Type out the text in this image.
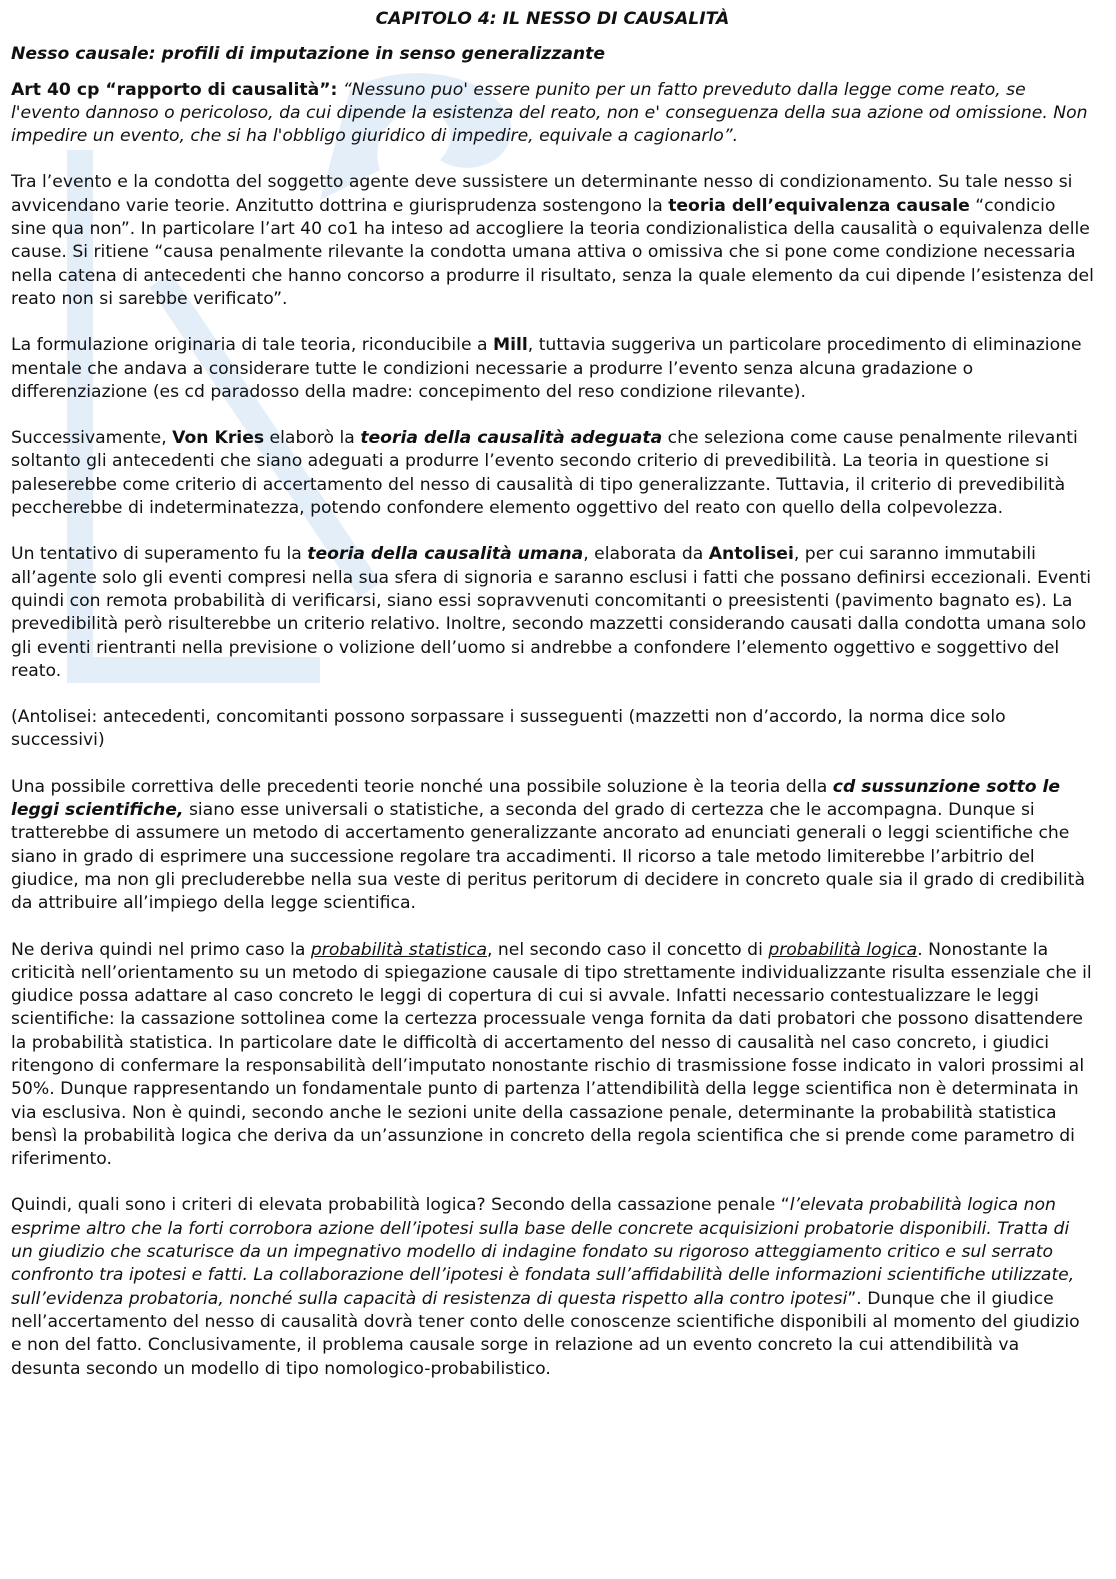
CAPITOLO 4: IL NESSO DI CAUSALITÀ
Nesso causale: profili di imputazione in senso generalizzante

Art 40 cp “rapporto di causalità”: “Nessuno puo' essere punito per un fatto preveduto dalla legge come reato, se l'evento dannoso o pericoloso, da cui dipende la esistenza del reato, non e' conseguenza della sua azione od omissione. Non impedire un evento, che si ha l'obbligo giuridico di impedire, equivale a cagionarlo”.

Tra l’evento e la condotta del soggetto agente deve sussistere un determinante nesso di condizionamento. Su tale nesso si avvicendano varie teorie. Anzitutto dottrina e giurisprudenza sostengono la teoria dell’equivalenza causale “condicio sine qua non”. In particolare l’art 40 co1 ha inteso ad accogliere la teoria condizionalistica della causalità o equivalenza delle cause. Si ritiene “causa penalmente rilevante la condotta umana attiva o omissiva che si pone come condizione necessaria nella catena di antecedenti che hanno concorso a produrre il risultato, senza la quale elemento da cui dipende l’esistenza del reato non si sarebbe verificato”.

La formulazione originaria di tale teoria, riconducibile a Mill, tuttavia suggeriva un particolare procedimento di eliminazione mentale che andava a considerare tutte le condizioni necessarie a produrre l’evento senza alcuna gradazione o differenziazione (es cd paradosso della madre: concepimento del reso condizione rilevante).

Successivamente, Von Kries elaborò la teoria della causalità adeguata che seleziona come cause penalmente rilevanti soltanto gli antecedenti che siano adeguati a produrre l’evento secondo criterio di prevedibilità. La teoria in questione si paleserebbe come criterio di accertamento del nesso di causalità di tipo generalizzante. Tuttavia, il criterio di prevedibilità peccherebbe di indeterminatezza, potendo confondere elemento oggettivo del reato con quello della colpevolezza.

Un tentativo di superamento fu la teoria della causalità umana, elaborata da Antolisei, per cui saranno immutabili all’agente solo gli eventi compresi nella sua sfera di signoria e saranno esclusi i fatti che possano definirsi eccezionali. Eventi quindi con remota probabilità di verificarsi, siano essi sopravvenuti concomitanti o preesistenti (pavimento bagnato es). La prevedibilità però risulterebbe un criterio relativo. Inoltre, secondo mazzetti considerando causati dalla condotta umana solo gli eventi rientranti nella previsione o volizione dell’uomo si andrebbe a confondere l’elemento oggettivo e soggettivo del reato.

(Antolisei: antecedenti, concomitanti possono sorpassare i susseguenti (mazzetti non d’accordo, la norma dice solo successivi)

Una possibile correttiva delle precedenti teorie nonché una possibile soluzione è la teoria della cd sussunzione sotto le leggi scientifiche, siano esse universali o statistiche, a seconda del grado di certezza che le accompagna. Dunque si tratterebbe di assumere un metodo di accertamento generalizzante ancorato ad enunciati generali o leggi scientifiche che siano in grado di esprimere una successione regolare tra accadimenti. Il ricorso a tale metodo limiterebbe l’arbitrio del giudice, ma non gli precluderebbe nella sua veste di peritus peritorum di decidere in concreto quale sia il grado di credibilità da attribuire all’impiego della legge scientifica.

Ne deriva quindi nel primo caso la probabilità statistica, nel secondo caso il concetto di probabilità logica. Nonostante la criticità nell’orientamento su un metodo di spiegazione causale di tipo strettamente individualizzante risulta essenziale che il giudice possa adattare al caso concreto le leggi di copertura di cui si avvale. Infatti necessario contestualizzare le leggi scientifiche: la cassazione sottolinea come la certezza processuale venga fornita da dati probatori che possono disattendere la probabilità statistica. In particolare date le difficoltà di accertamento del nesso di causalità nel caso concreto, i giudici ritengono di confermare la responsabilità dell’imputato nonostante rischio di trasmissione fosse indicato in valori prossimi al 50%. Dunque rappresentando un fondamentale punto di partenza l’attendibilità della legge scientifica non è determinata in via esclusiva. Non è quindi, secondo anche le sezioni unite della cassazione penale, determinante la probabilità statistica bensì la probabilità logica che deriva da un’assunzione in concreto della regola scientifica che si prende come parametro di riferimento.

Quindi, quali sono i criteri di elevata probabilità logica? Secondo della cassazione penale “l’elevata probabilità logica non esprime altro che la forti corrobora azione dell’ipotesi sulla base delle concrete acquisizioni probatorie disponibili. Tratta di un giudizio che scaturisce da un impegnativo modello di indagine fondato su rigoroso atteggiamento critico e sul serrato confronto tra ipotesi e fatti. La collaborazione dell’ipotesi è fondata sull’affidabilità delle informazioni scientifiche utilizzate, sull’evidenza probatoria, nonché sulla capacità di resistenza di questa rispetto alla contro ipotesi”. Dunque che il giudice nell’accertamento del nesso di causalità dovrà tener conto delle conoscenze scientifiche disponibili al momento del giudizio e non del fatto. Conclusivamente, il problema causale sorge in relazione ad un evento concreto la cui attendibilità va desunta secondo un modello di tipo nomologico-probabilistico.
